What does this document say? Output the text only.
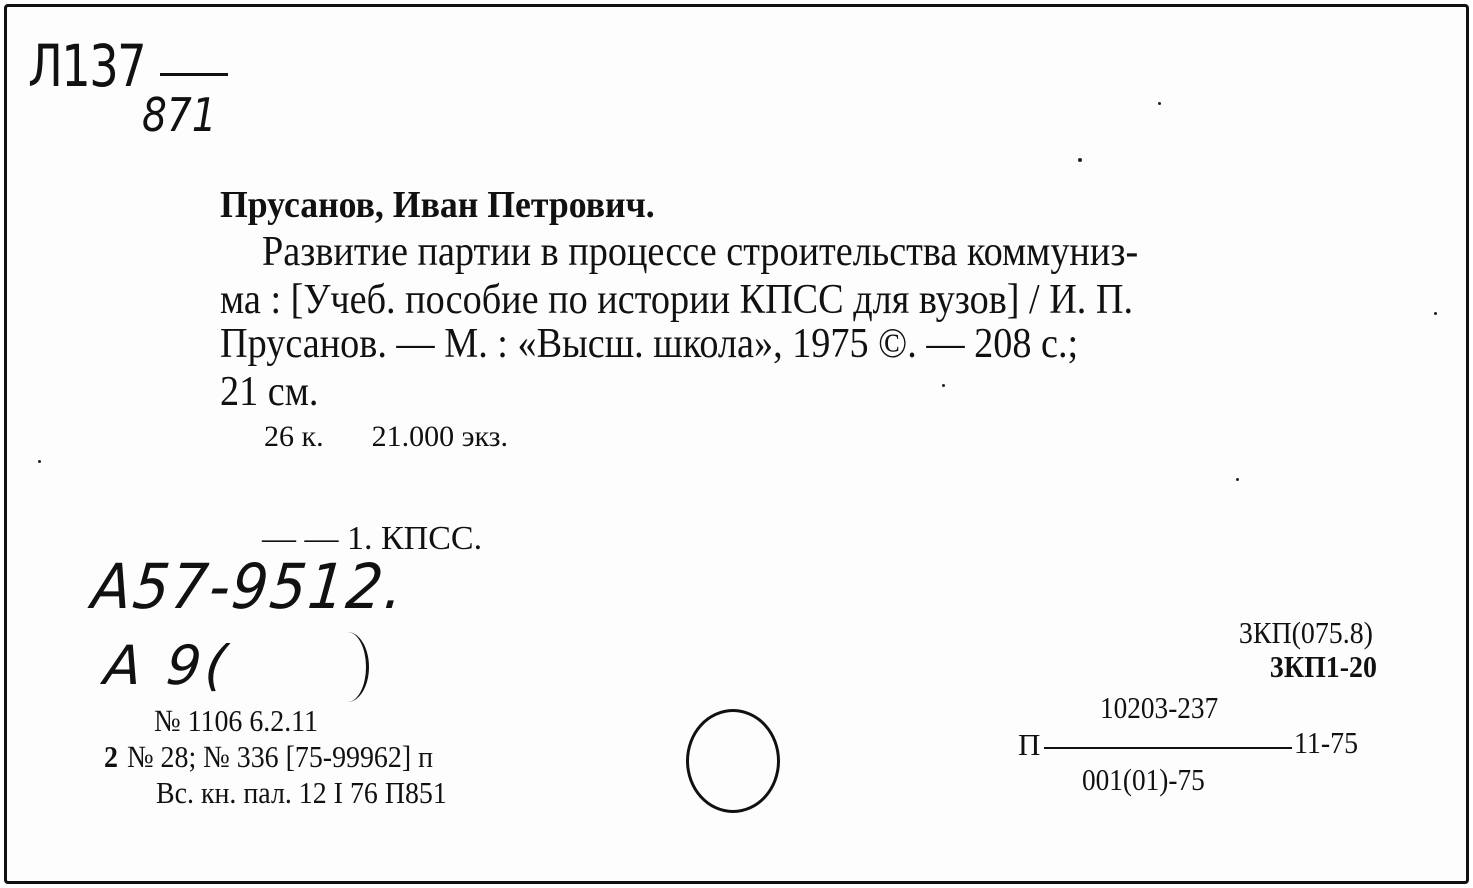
Л137
871
Прусанов, Иван Петрович.
Развитие партии в процессе строительства коммуниз-
ма : [Учеб. пособие по истории КПСС для вузов] / И. П.
Прусанов. — М. : «Высш. школа», 1975 ©. — 208 с.;
21 см.
26 к. 21.000 экз.
— — 1. КПСС.
А57-9512.
А 9(
№ 1106 6.2.11
2 № 28; № 336 [75-99962] п
Вс. кн. пал. 12 I 76 П851
3КП(075.8)
3КП1-20
10203-237
П	11-75
001(01)-75
